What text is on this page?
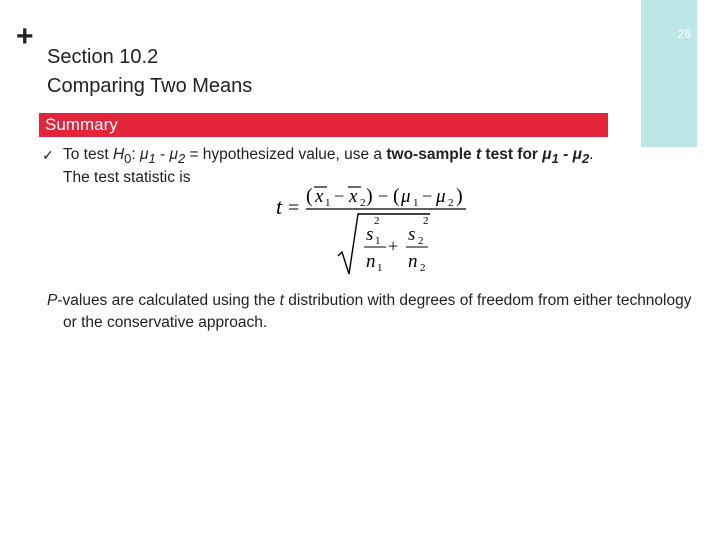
26
+
Section 10.2
Comparing Two Means
Summary
✓ To test $H_0$: $\mu_1 - \mu_2$ = hypothesized value, use a two-sample t test for $\mu_1 - \mu_2$.
The test statistic is
t =
( x 1 − x 2 ) − ( μ 1 − μ 2 )
s
2
1
n 1
+
s
2
2
n 2
P-values are calculated using the t distribution with degrees of freedom from either technology or the conservative approach.
